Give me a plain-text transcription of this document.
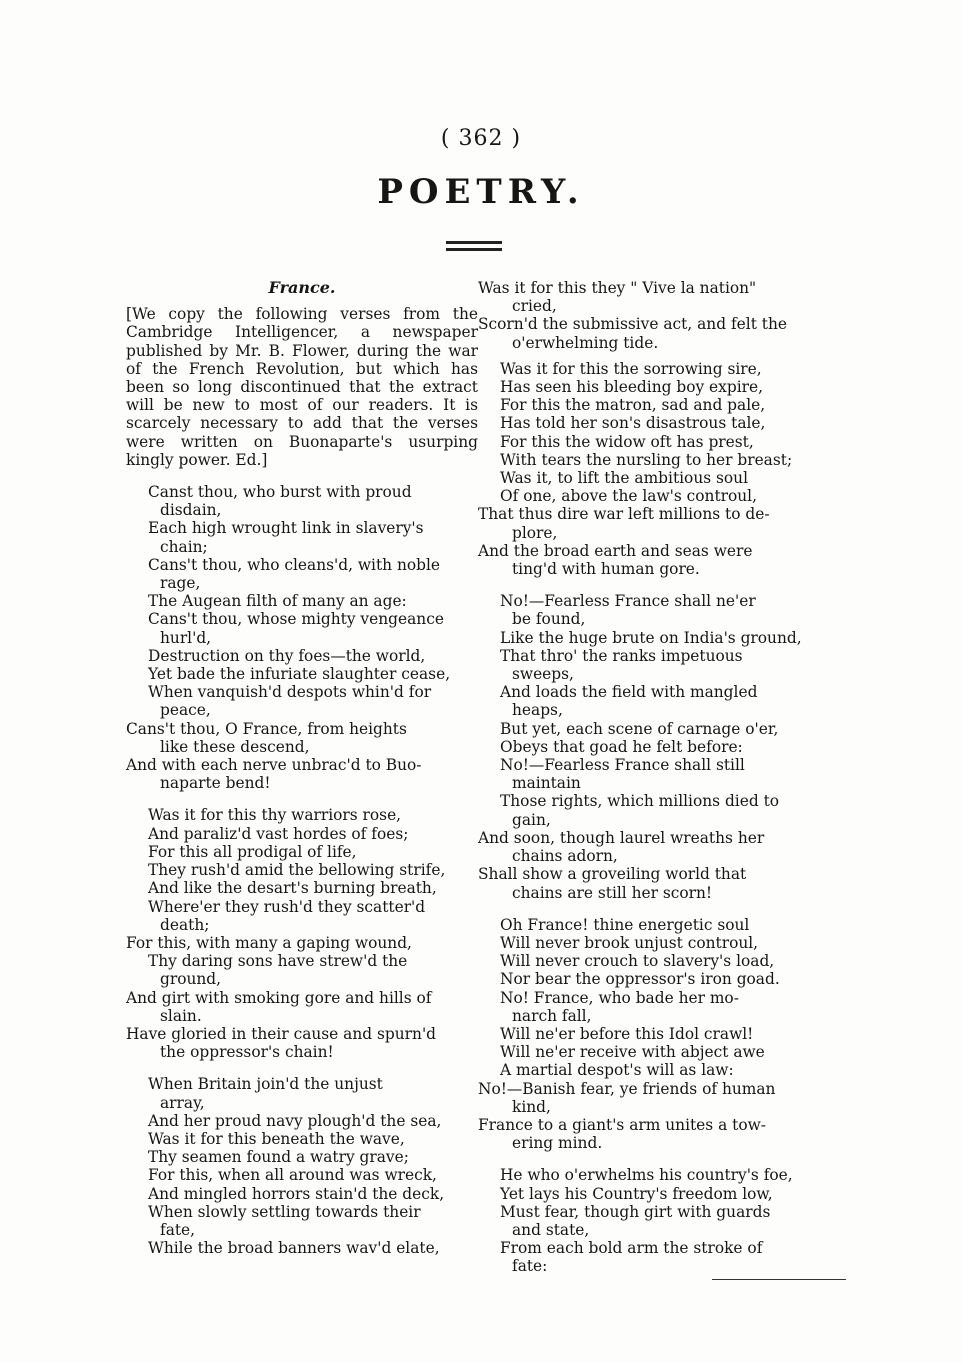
( 362 )
POETRY.
France.
[We copy the following verses from the Cambridge Intelligencer, a newspaper published by Mr. B. Flower, during the war of the French Revolution, but which has been so long discontinued that the extract will be new to most of our readers. It is scarcely necessary to add that the verses were written on Buonaparte's usurping kingly power. Ed.]
Canst thou, who burst with proud
disdain,
Each high wrought link in slavery's
chain;
Cans't thou, who cleans'd, with noble
rage,
The Augean filth of many an age:
Cans't thou, whose mighty vengeance
hurl'd,
Destruction on thy foes—the world,
Yet bade the infuriate slaughter cease,
When vanquish'd despots whin'd for
peace,
Cans't thou, O France, from heights
like these descend,
And with each nerve unbrac'd to Buo-
naparte bend!
Was it for this thy warriors rose,
And paraliz'd vast hordes of foes;
For this all prodigal of life,
They rush'd amid the bellowing strife,
And like the desart's burning breath,
Where'er they rush'd they scatter'd
death;
For this, with many a gaping wound,
Thy daring sons have strew'd the
ground,
And girt with smoking gore and hills of
slain.
Have gloried in their cause and spurn'd
the oppressor's chain!
When Britain join'd the unjust
array,
And her proud navy plough'd the sea,
Was it for this beneath the wave,
Thy seamen found a watry grave;
For this, when all around was wreck,
And mingled horrors stain'd the deck,
When slowly settling towards their
fate,
While the broad banners wav'd elate,
Was it for this they " Vive la nation"
cried,
Scorn'd the submissive act, and felt the
o'erwhelming tide.
Was it for this the sorrowing sire,
Has seen his bleeding boy expire,
For this the matron, sad and pale,
Has told her son's disastrous tale,
For this the widow oft has prest,
With tears the nursling to her breast;
Was it, to lift the ambitious soul
Of one, above the law's controul,
That thus dire war left millions to de-
plore,
And the broad earth and seas were
ting'd with human gore.
No!—Fearless France shall ne'er
be found,
Like the huge brute on India's ground,
That thro' the ranks impetuous
sweeps,
And loads the field with mangled
heaps,
But yet, each scene of carnage o'er,
Obeys that goad he felt before:
No!—Fearless France shall still
maintain
Those rights, which millions died to
gain,
And soon, though laurel wreaths her
chains adorn,
Shall show a groveiling world that
chains are still her scorn!
Oh France! thine energetic soul
Will never brook unjust controul,
Will never crouch to slavery's load,
Nor bear the oppressor's iron goad.
No! France, who bade her mo-
narch fall,
Will ne'er before this Idol crawl!
Will ne'er receive with abject awe
A martial despot's will as law:
No!—Banish fear, ye friends of human
kind,
France to a giant's arm unites a tow-
ering mind.
He who o'erwhelms his country's foe,
Yet lays his Country's freedom low,
Must fear, though girt with guards
and state,
From each bold arm the stroke of
fate:
